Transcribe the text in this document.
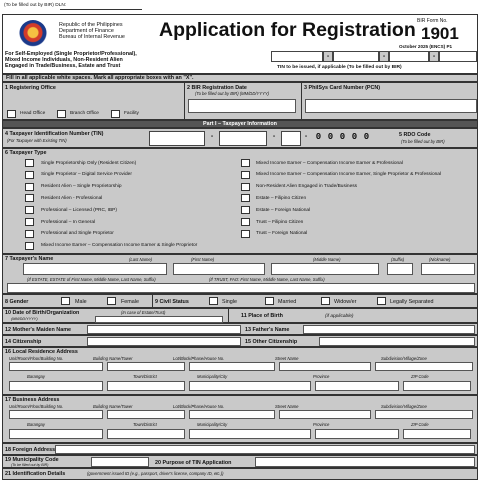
(To be filled out by BIR) DLN:
Republic of the Philippines
Department of Finance
Bureau of Internal Revenue Application for Registration BIR Form No.
1901
October 2025 (ENCS) P1
For Self-Employed (Single Proprietor/Professional),
Mixed Income Individuals, Non-Resident Alien
Engaged in Trade/Business, Estate and Trust
-	-	-
TIN to be issued, if applicable (To be filled out by BIR)
Fill in all applicable white spaces. Mark all appropriate boxes with an "X".
1 Registering Office
Head Office	Branch Office	Facility
2 BIR Registration Date
(To be filled out by BIR) (MM/DD/YYYY)
3 PhilSys Card Number (PCN)
Part I – Taxpayer Information
4 Taxpayer Identification Number (TIN)
(For Taxpayer with Existing TIN)
-	-	- 0 0 0 0 0	5 RDO Code
(To be filled out by BIR)
6 Taxpayer Type
Single Proprietorship Only (Resident Citizen)
Single Proprietor – Digital Service Provider
Resident Alien – Single Proprietorship
Resident Alien - Professional
Professional – Licensed (PRC, IBP)
Professional – In General
Professional and Single Proprietor
Mixed Income Earner – Compensation Income Earner & Single Proprietor
Mixed Income Earner – Compensation Income Earner & Professional
Mixed Income Earner – Compensation Income Earner, Single Proprietor & Professional
Non-Resident Alien Engaged in Trade/Business
Estate – Filipino Citizen
Estate – Foreign National
Trust – Filipino Citizen
Trust – Foreign National
7 Taxpayer's Name	(Last Name)	(First Name)	(Middle Name)	(Suffix)	(Nickname)
(If ESTATE, ESTATE of First Name, Middle Name, Last Name, Suffix)	(If TRUST, FAO: First Name, Middle Name, Last Name, Suffix)
8 Gender	Male	Female	9 Civil Status	Single	Married	Widow/er	Legally Separated
10 Date of Birth/Organization	(In case of Estate/Trust)
(MM/DD/YYYY)	11 Place of Birth	(if applicable)
12 Mother's Maiden Name	13 Father's Name
14 Citizenship	15 Other Citizenship
16 Local Residence Address
Unit/Room/Floor/Building No.	Building Name/Tower	Lot/Block/Phase/House No.	Street Name	Subdivision/Village/Zone
Barangay	Town/District	Municipality/City	Province	ZIP Code
17 Business Address
Unit/Room/Floor/Building No.	Building Name/Tower	Lot/Block/Phase/House No.	Street Name	Subdivision/Village/Zone
Barangay	Town/District	Municipality/City	Province	ZIP Code
18 Foreign Address
19 Municipality Code
(To be filled out by BIR)	20 Purpose of TIN Application
21 Identification Details	(government issued ID (e.g., passport, driver's license, company ID, etc.))
